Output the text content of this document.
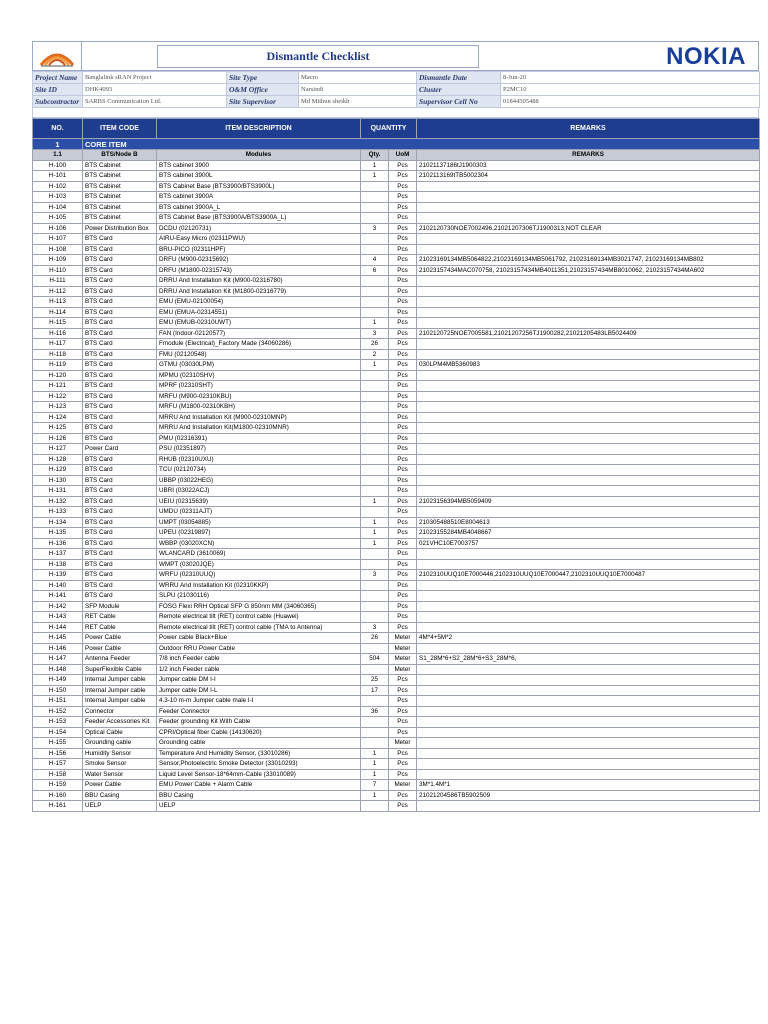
Dismantle Checklist	NOKIA
Project Name	Banglalink sRAN Project	Site Type	Macro	Dismantle Date	8-Jun-20
Site ID	DHK4093	O&M Office	Narsindi	Cluster	P2MC10
Subcontractor	SARBS Communication Ltd.	Site Supervisor	Md Mithun sheikh	Supervisor Cell No	01844505488
NO.	ITEM CODE	ITEM DESCRIPTION	QUANTITY		REMARKS
1	CORE ITEM				
1.1	BTS/Node B	Modules	Qty.	UoM	REMARKS
H-100	BTS Cabinet	BTS cabinet 3900	1	Pcs	21021137186tJ1900303
H-101	BTS Cabinet	BTS cabinet 3900L	1	Pcs	2102113169tTB5002304
H-102	BTS Cabinet	BTS Cabinet Base (BTS3900/BTS3900L)		Pcs	
H-103	BTS Cabinet	BTS cabinet 3900A		Pcs	
H-104	BTS Cabinet	BTS cabinet 3900A_L		Pcs	
H-105	BTS Cabinet	BTS Cabinet Base (BTS3900A/BTS3900A_L)		Pcs	
H-106	Power Distribution Box	DCDU (02120731)	3	Pcs	2102120730NOE7002496,21021207306TJ1900313,NOT CLEAR
H-107	BTS Card	AIRU-Easy Micro (02311PWU)		Pcs	
H-108	BTS Card	BRU-PICO (02311HPF)		Pcs	
H-109	BTS Card	DRFU (M900-02315692)	4	Pcs	21023169134MB5064822,21023169134MB5061792, 21023169134MB3021747, 21023169134MB802
H-110	BTS Card	DRFU (M1800-02315743)	6	Pcs	21023157434MAC070758, 21023157434MB4011351,21023157434MB8010062, 21023157434MA602
H-111	BTS Card	DRRU And Installation Kit (M900-02316780)		Pcs	
H-112	BTS Card	DRRU And Installation Kit (M1800-02316779)		Pcs	
H-113	BTS Card	EMU (EMU-02100054)		Pcs	
H-114	BTS Card	EMU (EMUA-02314551)		Pcs	
H-115	BTS Card	EMU (EMUB-02310UWT)	1	Pcs	
H-116	BTS Card	FAN (Indoor-02120577)	3	Pcs	2102120725NOE7005581,21021207256TJ1900282,21021205483LB5024409
H-117	BTS Card	Fmodule (Electrical)_Factory Made (34060286)	26	Pcs	
H-118	BTS Card	FMU (02120548)	2	Pcs	
H-119	BTS Card	GTMU (03030LPM)	1	Pcs	030LPM4MB5360983
H-120	BTS Card	MPMU (02310SHV)		Pcs	
H-121	BTS Card	MPRF (02310SHT)		Pcs	
H-122	BTS Card	MRFU (M900-02310KBU)		Pcs	
H-123	BTS Card	MRFU (M1800-02310KBH)		Pcs	
H-124	BTS Card	MRRU And Installation Kit (M900-02310MNP)		Pcs	
H-125	BTS Card	MRRU And Installation Kit(M1800-02310MNR)		Pcs	
H-126	BTS Card	PMU (02316391)		Pcs	
H-127	Power Card	PSU (02351897)		Pcs	
H-128	BTS Card	RHUB (02310UXU)		Pcs	
H-129	BTS Card	TCU (02120734)		Pcs	
H-130	BTS Card	UBBP (03022HEG)		Pcs	
H-131	BTS Card	UBRI (03022ACJ)		Pcs	
H-132	BTS Card	UEIU (02315639)	1	Pcs	21023156394MB5059409
H-133	BTS Card	UMDU (02311AJT)		Pcs	
H-134	BTS Card	UMPT (03054885)	1	Pcs	210305488510E8004613
H-135	BTS Card	UPEU (02319897)	1	Pcs	21023155284MB4048667
H-136	BTS Card	WBBP (03020XCN)	1	Pcs	021VHC10E7003757
H-137	BTS Card	WLANCARD (3610069)		Pcs	
H-138	BTS Card	WMPT (03020JQE)		Pcs	
H-139	BTS Card	WRFU (02310UUQ)	3	Pcs	2102310UUQ10E7000446,2102310UUQ10E7000447,2102310UUQ10E7000487
H-140	BTS Card	WRRU And Installation Kit (02310KKP)		Pcs	
H-141	BTS Card	SLPU (21030116)		Pcs	
H-142	SFP Module	FOSG Flexi RRH Optical SFP G 850nm MM (34060365)		Pcs	
H-143	RET Cable	Remote electrical tilt (RET) control cable (Huawei)		Pcs	
H-144	RET Cable	Remote electrical tilt (RET) control cable (TMA to Antenna)	3	Pcs	
H-145	Power Cable	Power cable Black+Blue	26	Meter	4M*4+5M*2
H-146	Power Cable	Outdoor RRU Power Cable		Meter	
H-147	Antenna Feeder	7/8 inch Feeder cable	504	Meter	S1_28M*6+S2_28M*6+S3_28M*6,
H-148	SuperFlexible Cable	1/2 inch Feeder cable		Meter	
H-149	Internal Jumper cable	Jumper cable DM I-I	25	Pcs	
H-150	Internal Jumper cable	Jumper cable DM I-L	17	Pcs	
H-151	Internal Jumper cable	4.3-10 m-m Jumper cable male I-I		Pcs	
H-152	Connector	Feeder Connector	36	Pcs	
H-153	Feeder Accessories Kit	Feeder grounding Kit With Cable		Pcs	
H-154	Optical Cable	CPRI/Optical fiber Cable (14130620)		Pcs	
H-155	Grounding cable	Grounding cable		Meter	
H-156	Humidity Sensor	Temperature And Humidity Sensor, (33010286)	1	Pcs	
H-157	Smoke Sensor	Sensor,Photoelectric Smoke Detector (33010293)	1	Pcs	
H-158	Water Sensor	Liquid Level Sensor-18*64mm-Cable (33010089)	1	Pcs	
H-159	Power Cable	EMU Power Cable + Alarm Cable	7	Meter	3M*1.4M*1
H-160	BBU Casing	BBU Casing	1	Pcs	21021204586TB5902509
H-161	UELP	UELP		Pcs	
